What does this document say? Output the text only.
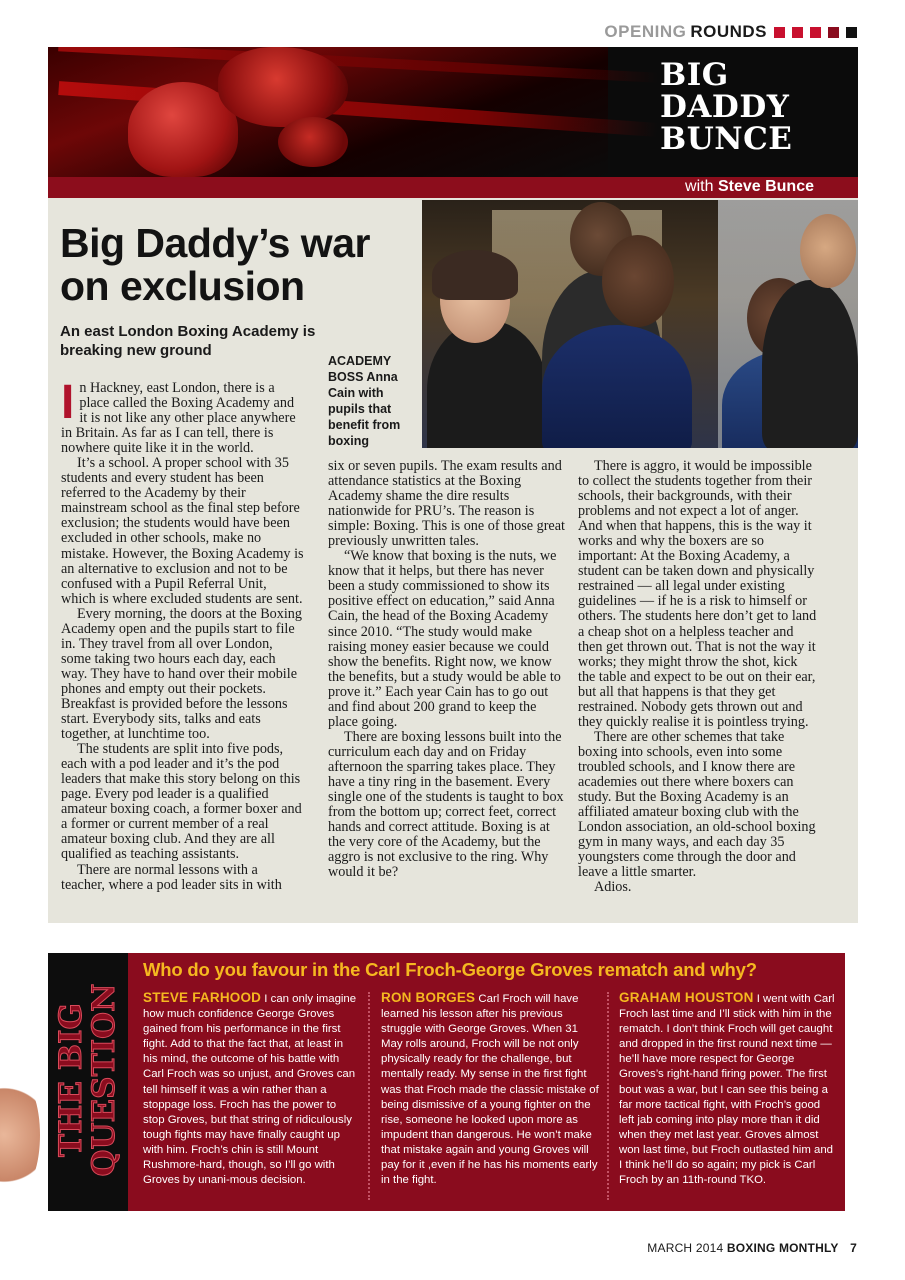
OPENING ROUNDS
BIG
DADDY
BUNCE
with Steve Bunce
Big Daddy’s war
on exclusion
An east London Boxing Academy is breaking new ground
ACADEMY BOSS Anna Cain with pupils that benefit from boxing

In Hackney, east London, there is a place called the Boxing Academy and it is not like any other place anywhere in Britain. As far as I can tell, there is nowhere quite like it in the world.

It’s a school. A proper school with 35 students and every student has been referred to the Academy by their mainstream school as the final step before exclusion; the students would have been excluded in other schools, make no mistake. However, the Boxing Academy is an alternative to exclusion and not to be confused with a Pupil Referral Unit, which is where excluded students are sent.

Every morning, the doors at the Boxing Academy open and the pupils start to file in. They travel from all over London, some taking two hours each day, each way. They have to hand over their mobile phones and empty out their pockets. Breakfast is provided before the lessons start. Everybody sits, talks and eats together, at lunchtime too.

The students are split into five pods, each with a pod leader and it’s the pod leaders that make this story belong on this page. Every pod leader is a qualified amateur boxing coach, a former boxer and a former or current member of a real amateur boxing club. And they are all qualified as teaching assistants.

There are normal lessons with a teacher, where a pod leader sits in with

six or seven pupils. The exam results and attendance statistics at the Boxing Academy shame the dire results nationwide for PRU’s. The reason is simple: Boxing. This is one of those great previously unwritten tales.

“We know that boxing is the nuts, we know that it helps, but there has never been a study commissioned to show its positive effect on education,” said Anna Cain, the head of the Boxing Academy since 2010. “The study would make raising money easier because we could show the benefits. Right now, we know the benefits, but a study would be able to prove it.” Each year Cain has to go out and find about 200 grand to keep the place going.

There are boxing lessons built into the curriculum each day and on Friday afternoon the sparring takes place. They have a tiny ring in the basement. Every single one of the students is taught to box from the bottom up; correct feet, correct hands and correct attitude. Boxing is at the very core of the Academy, but the aggro is not exclusive to the ring. Why would it be?

There is aggro, it would be impossible to collect the students together from their schools, their backgrounds, with their problems and not expect a lot of anger. And when that happens, this is the way it works and why the boxers are so important: At the Boxing Academy, a student can be taken down and physically restrained — all legal under existing guidelines — if he is a risk to himself or others. The students here don’t get to land a cheap shot on a helpless teacher and then get thrown out. That is not the way it works; they might throw the shot, kick the table and expect to be out on their ear, but all that happens is that they get restrained. Nobody gets thrown out and they quickly realise it is pointless trying.

There are other schemes that take boxing into schools, even into some troubled schools, and I know there are academies out there where boxers can study. But the Boxing Academy is an affiliated amateur boxing club with the London association, an old-school boxing gym in many ways, and each day 35 youngsters come through the door and leave a little smarter.

Adios.

THE BIG
QUESTION
Who do you favour in the Carl Froch-George Groves rematch and why?
STEVE FARHOOD I can only imagine how much confidence George Groves gained from his performance in the first fight. Add to that the fact that, at least in his mind, the outcome of his battle with Carl Froch was so unjust, and Groves can tell himself it was a win rather than a stoppage loss. Froch has the power to stop Groves, but that string of ridiculously tough fights may have finally caught up with him. Froch’s chin is still Mount Rushmore-hard, though, so I’ll go with Groves by unani-mous decision.
RON BORGES Carl Froch will have learned his lesson after his previous struggle with George Groves. When 31 May rolls around, Froch will be not only physically ready for the challenge, but mentally ready. My sense in the first fight was that Froch made the classic mistake of being dismissive of a young fighter on the rise, someone he looked upon more as impudent than dangerous. He won’t make that mistake again and young Groves will pay for it ,even if he has his moments early in the fight.
GRAHAM HOUSTON I went with Carl Froch last time and I’ll stick with him in the rematch. I don’t think Froch will get caught and dropped in the first round next time — he’ll have more respect for George Groves’s right-hand firing power. The first bout was a war, but I can see this being a far more tactical fight, with Froch’s good left jab coming into play more than it did when they met last year. Groves almost won last time, but Froch outlasted him and I think he’ll do so again; my pick is Carl Froch by an 11th-round TKO.
MARCH 2014 BOXING MONTHLY 7
